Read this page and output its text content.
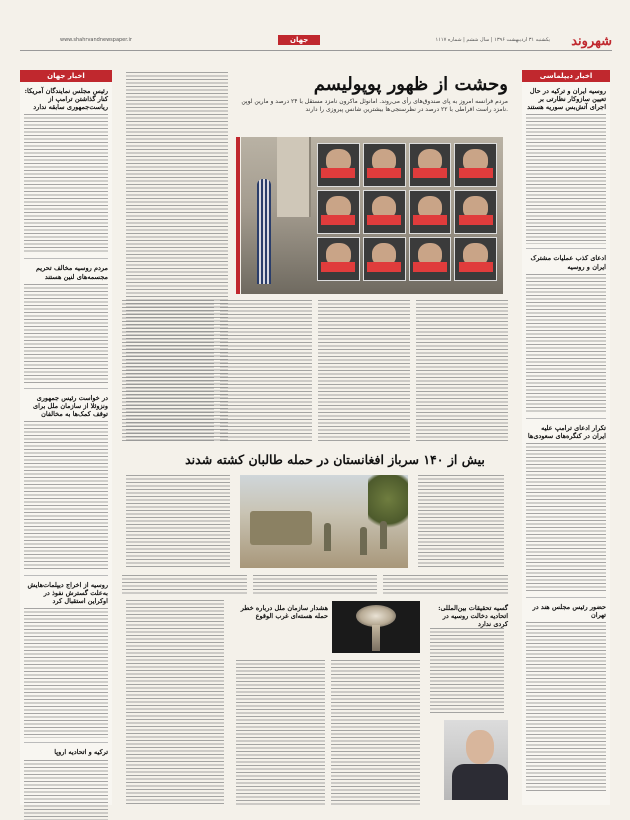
شهروند
یکشنبه ۳۱ اردیبهشت ۱۳۹۶ | سال ششم | شماره ۱۱۱۷
جهان
www.shahrvandnewspaper.ir
اخبار دیپلماسی
روسیه ایران و ترکیه در حال تعیین سازوکار نظارتی بر اجرای آتش‌بس سوریه هستند
ادعای کذب عملیات مشترک ایران و روسیه
تکرار ادعای ترامپ علیه ایران در کنگره‌های سعودی‌ها
حضور رئیس مجلس هند در تهران
اخبار جهان
رئیس مجلس نمایندگان آمریکا: کنار گذاشتن ترامپ از ریاست‌جمهوری سابقه ندارد
مردم روسیه مخالف تحریم مجسمه‌های لنین هستند
در خواست رئیس جمهوری ونزوئلا از سازمان ملل برای توقف کمک‌ها به مخالفان
روسیه از اخراج دیپلمات‌هایش به‌علت گسترش نفوذ در اوکراین استقبال کرد
ترکیه و اتحادیه اروپا
وحشت از ظهور پوپولیسم
مردم فرانسه امروز به پای صندوق‌های رأی می‌روند. امانوئل ماکرون نامزد مستقل با ۲۴ درصد و مارین لوپن نامزد راست افراطی با ۲۲ درصد در نظرسنجی‌ها بیشترین شانس پیروزی را دارند.
بیش از ۱۴۰ سرباز افغانستان در حمله طالبان کشته شدند
هشدار سازمان ملل درباره خطر حمله هسته‌ای غرب الوقوع
گسیه تحقیقات بین‌المللی: اتحادیه دخالت روسیه در کردی ندارد
